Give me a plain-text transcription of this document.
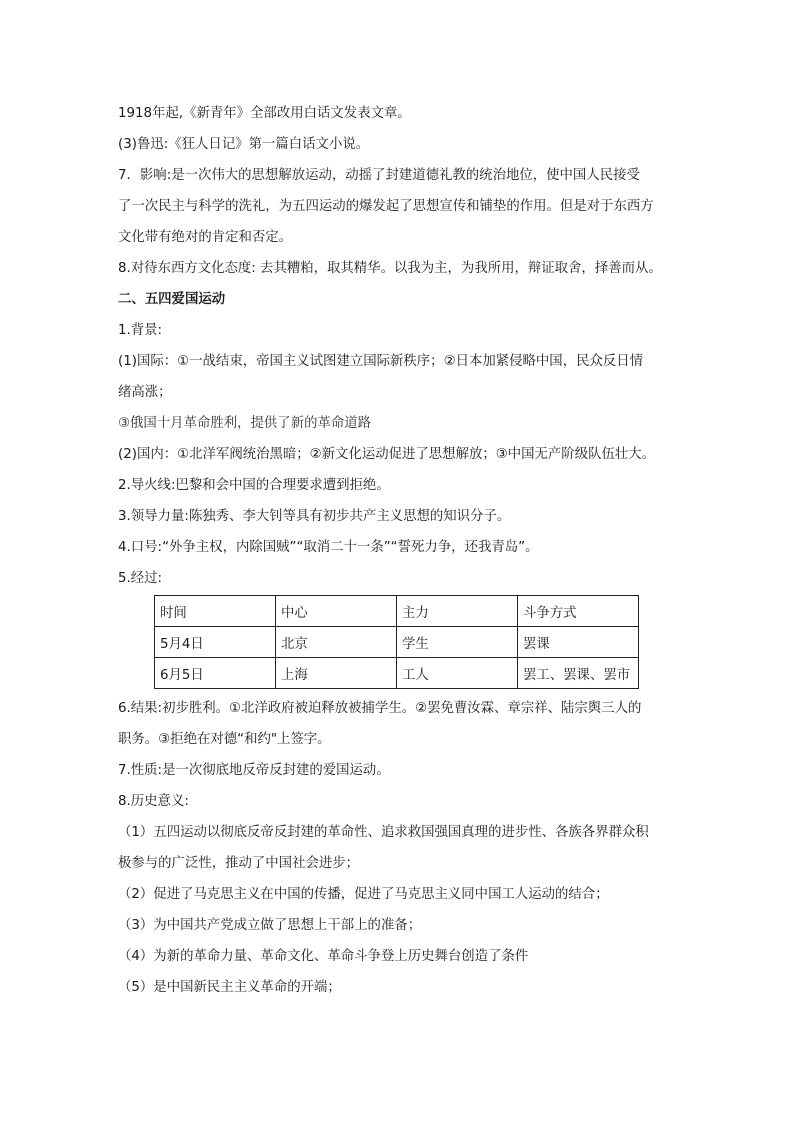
1918年起,《新青年》全部改用白话文发表文章。

(3)鲁迅:《狂人日记》第一篇白话文小说。

7．影响:是一次伟大的思想解放运动，动摇了封建道德礼教的统治地位，使中国人民接受

了一次民主与科学的洗礼，为五四运动的爆发起了思想宣传和铺垫的作用。但是对于东西方

文化带有绝对的肯定和否定。

8.对待东西方文化态度: 去其糟粕，取其精华。以我为主，为我所用，辩证取舍，择善而从。

二、五四爱国运动

1.背景:

(1)国际：①一战结束，帝国主义试图建立国际新秩序；②日本加紧侵略中国，民众反日情

绪高涨；

③俄国十月革命胜利，提供了新的革命道路

(2)国内：①北洋军阀统治黑暗；②新文化运动促进了思想解放；③中国无产阶级队伍壮大。

2.导火线:巴黎和会中国的合理要求遭到拒绝。

3.领导力量:陈独秀、李大钊等具有初步共产主义思想的知识分子。

4.口号:“外争主权，内除国贼”“取消二十一条”“誓死力争，还我青岛”。

5.经过:

时间	中心	主力	斗争方式
5月4日	北京	学生	罢课
6月5日	上海	工人	罢工、罢课、罢市

6.结果:初步胜利。①北洋政府被迫释放被捕学生。②罢免曹汝霖、章宗祥、陆宗舆三人的

职务。③拒绝在对德“和约"上签字。

7.性质:是一次彻底地反帝反封建的爱国运动。

8.历史意义:

（1）五四运动以彻底反帝反封建的革命性、追求救国强国真理的进步性、各族各界群众积

极参与的广泛性，推动了中国社会进步；

（2）促进了马克思主义在中国的传播，促进了马克思主义同中国工人运动的结合；

（3）为中国共产党成立做了思想上干部上的准备；

（4）为新的革命力量、革命文化、革命斗争登上历史舞台创造了条件

（5）是中国新民主主义革命的开端；
